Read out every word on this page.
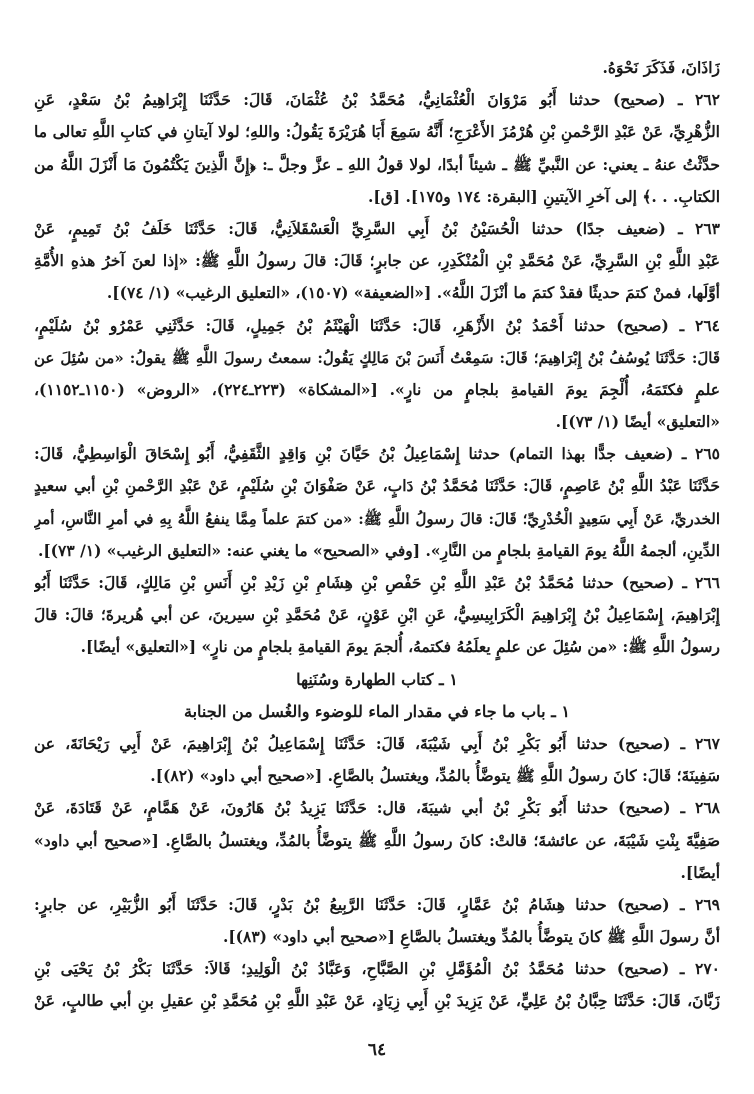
زَاذَانَ، فَذَكَرَ نَحْوَهُ.
٢٦٢ ـ (صحيح) حدثنا أَبُو مَرْوَانَ الْعُثْمَانِيُّ، مُحَمَّدُ بْنُ عُثْمَانَ، قَالَ: حَدَّثَنَا إِبْرَاهِيمُ بْنُ سَعْدٍ، عَنِ
الزُّهْرِيِّ، عَنْ عَبْدِ الرَّحْمنِ بْنِ هُرْمُزَ الأَعْرَجِ؛ أَنَّهُ سَمِعَ أَبَا هُرَيْرَةَ يَقُولُ: واللهِ؛ لولا آيتانِ في كتابِ اللَّهِ تعالى ما
حدَّثْتُ عنهُ ـ يعني: عن النَّبيِّ ﷺ ـ شيئاً أبدًا، لولا قولُ اللهِ ـ عزَّ وجلَّ ـ: ﴿إِنَّ الَّذِينَ يَكْتُمُونَ مَا أَنْزَلَ اللَّهُ من
الكتابِ. . .﴾ إلى آخرِ الآيتينِ [البقرة: ١٧٤ و١٧٥]. [ق].
٢٦٣ ـ (ضعيف جدًا) حدثنا الْحُسَيْنُ بْنُ أَبِي السَّرِيِّ الْعَسْقَلاَنِيُّ، قَالَ: حَدَّثَنَا خَلَفُ بْنُ تَمِيمٍ، عَنْ
عَبْدِ اللَّهِ بْنِ السَّرِيِّ، عَنْ مُحَمَّدِ بْنِ الْمُنْكَدِرِ، عن جابرٍ؛ قَالَ: قالَ رسولُ اللَّهِ ﷺ: «إذا لعنَ آخرُ هذهِ الأُمَّةِ
أوَّلَها، فمنْ كتمَ حديثًا فقدْ كتمَ ما أنْزَلَ اللَّهُ». [«الضعيفة» (١٥٠٧)، «التعليق الرغيب» (١/ ٧٤)].
٢٦٤ ـ (صحيح) حدثنا أَحْمَدُ بْنُ الأَزْهَرِ، قَالَ: حَدَّثَنَا الْهَيْثَمُ بْنُ جَمِيلٍ، قَالَ: حَدَّثَنِي عَمْرُو بْنُ سُلَيْمٍ،
قَالَ: حَدَّثَنَا يُوسُفُ بْنُ إِبْرَاهِيمَ؛ قَالَ: سَمِعْتُ أَنَسَ بْنَ مَالِكٍ يَقُولُ: سمعتُ رسولَ اللَّهِ ﷺ يقولُ: «من سُئِلَ عن
علمٍ فكتَمَهُ، أُلْجِمَ يومَ القيامةِ بلجامٍ من نارٍ». [«المشكاة» (٢٢٣ـ٢٢٤)، «الروض» (١١٥٠ـ١١٥٢)،
«التعليق» أيضًا (١/ ٧٣)].
٢٦٥ ـ (ضعيف جدًّا بهذا التمام) حدثنا إِسْمَاعِيلُ بْنُ حَيَّانَ بْنِ وَاقِدٍ الثَّقَفِيُّ، أَبُو إِسْحَاقَ الْوَاسِطِيُّ، قَالَ:
حَدَّثَنَا عَبْدُ اللَّهِ بْنُ عَاصِمٍ، قَالَ: حَدَّثَنَا مُحَمَّدُ بْنُ دَابٍ، عَنْ صَفْوَانَ بْنِ سُلَيْمٍ، عَنْ عَبْدِ الرَّحْمنِ بْنِ أبي سعيدٍ
الخدريِّ، عَنْ أَبِي سَعِيدٍ الْخُدْرِيِّ؛ قَالَ: قالَ رسولُ اللَّهِ ﷺ: «من كتمَ علماً مِمَّا ينفعُ اللَّهُ بِهِ في أمرِ النَّاسِ، أمرِ
الدِّينِ، ألجمهُ اللَّهُ يومَ القيامةِ بلجامٍ من النَّارِ». [وفي «الصحيح» ما يغني عنه: «التعليق الرغيب» (١/ ٧٣)].
٢٦٦ ـ (صحيح) حدثنا مُحَمَّدُ بْنُ عَبْدِ اللَّهِ بْنِ حَفْصِ بْنِ هِشَامِ بْنِ زَيْدِ بْنِ أَنَسِ بْنِ مَالِكٍ، قَالَ: حَدَّثَنَا أَبُو
إِبْرَاهِيمَ، إِسْمَاعِيلُ بْنُ إِبْرَاهِيمَ الْكَرَابِيسِيُّ، عَنِ ابْنِ عَوْنٍ، عَنْ مُحَمَّدِ بْنِ سيرينَ، عن أبي هُريرةَ؛ قالَ: قالَ
رسولُ اللَّهِ ﷺ: «من سُئِلَ عن علمٍ يعلَمُهُ فكتمهُ، أُلجمَ يومَ القيامةِ بلجامٍ من نارٍ» [«التعليق» أيضًا].
١ ـ كتاب الطهارة وسُنَنِها
١ ـ باب ما جاء في مقدار الماء للوضوء والغُسل من الجنابة
٢٦٧ ـ (صحيح) حدثنا أَبُو بَكْرِ بْنُ أَبِي شَيْبَةَ، قَالَ: حَدَّثَنَا إِسْمَاعِيلُ بْنُ إِبْرَاهِيمَ، عَنْ أَبِي رَيْحَانَةَ، عن
سَفِينَةَ؛ قَالَ: كانَ رسولُ اللَّهِ ﷺ يتوضَّأُ بالمُدِّ، ويغتسلُ بالصَّاعِ. [«صحيح أبي داود» (٨٢)].
٢٦٨ ـ (صحيح) حدثنا أَبُو بَكْرِ بْنُ أبي شيبَةَ، قال: حَدَّثَنَا يَزِيدُ بْنُ هَارُونَ، عَنْ هَمَّامٍ، عَنْ قَتَادَةَ، عَنْ
صَفِيَّةَ بِنْتِ شَيْبَةَ، عن عائشةَ؛ قالتْ: كانَ رسولُ اللَّهِ ﷺ يتوضَّأُ بالمُدِّ، ويغتسلُ بالصَّاعِ. [«صحيح أبي داود»
أيضًا].
٢٦٩ ـ (صحيح) حدثنا هِشَامُ بْنُ عَمَّارٍ، قَالَ: حَدَّثَنَا الرَّبِيعُ بْنُ بَدْرٍ، قَالَ: حَدَّثَنَا أَبُو الزُّبَيْرِ، عن جابرٍ:
أنَّ رسولَ اللَّهِ ﷺ كانَ يتوضَّأُ بالمُدِّ ويغتسلُ بالصَّاعِ [«صحيح أبي داود» (٨٣)].
٢٧٠ ـ (صحيح) حدثنا مُحَمَّدُ بْنُ الْمُؤَمَّلِ بْنِ الصَّبَّاحِ، وَعَبَّادُ بْنُ الْوَلِيدِ؛ قَالاَ: حَدَّثَنَا بَكْرُ بْنُ يَحْيَى بْنِ
زَبَّانَ، قَالَ: حَدَّثَنَا حِبَّانُ بْنُ عَلِيٍّ، عَنْ يَزِيدَ بْنِ أَبِي زِيَادٍ، عَنْ عَبْدِ اللَّهِ بْنِ مُحَمَّدِ بْنِ عقيلِ بنِ أبي طالبٍ، عَنْ
٦٤
